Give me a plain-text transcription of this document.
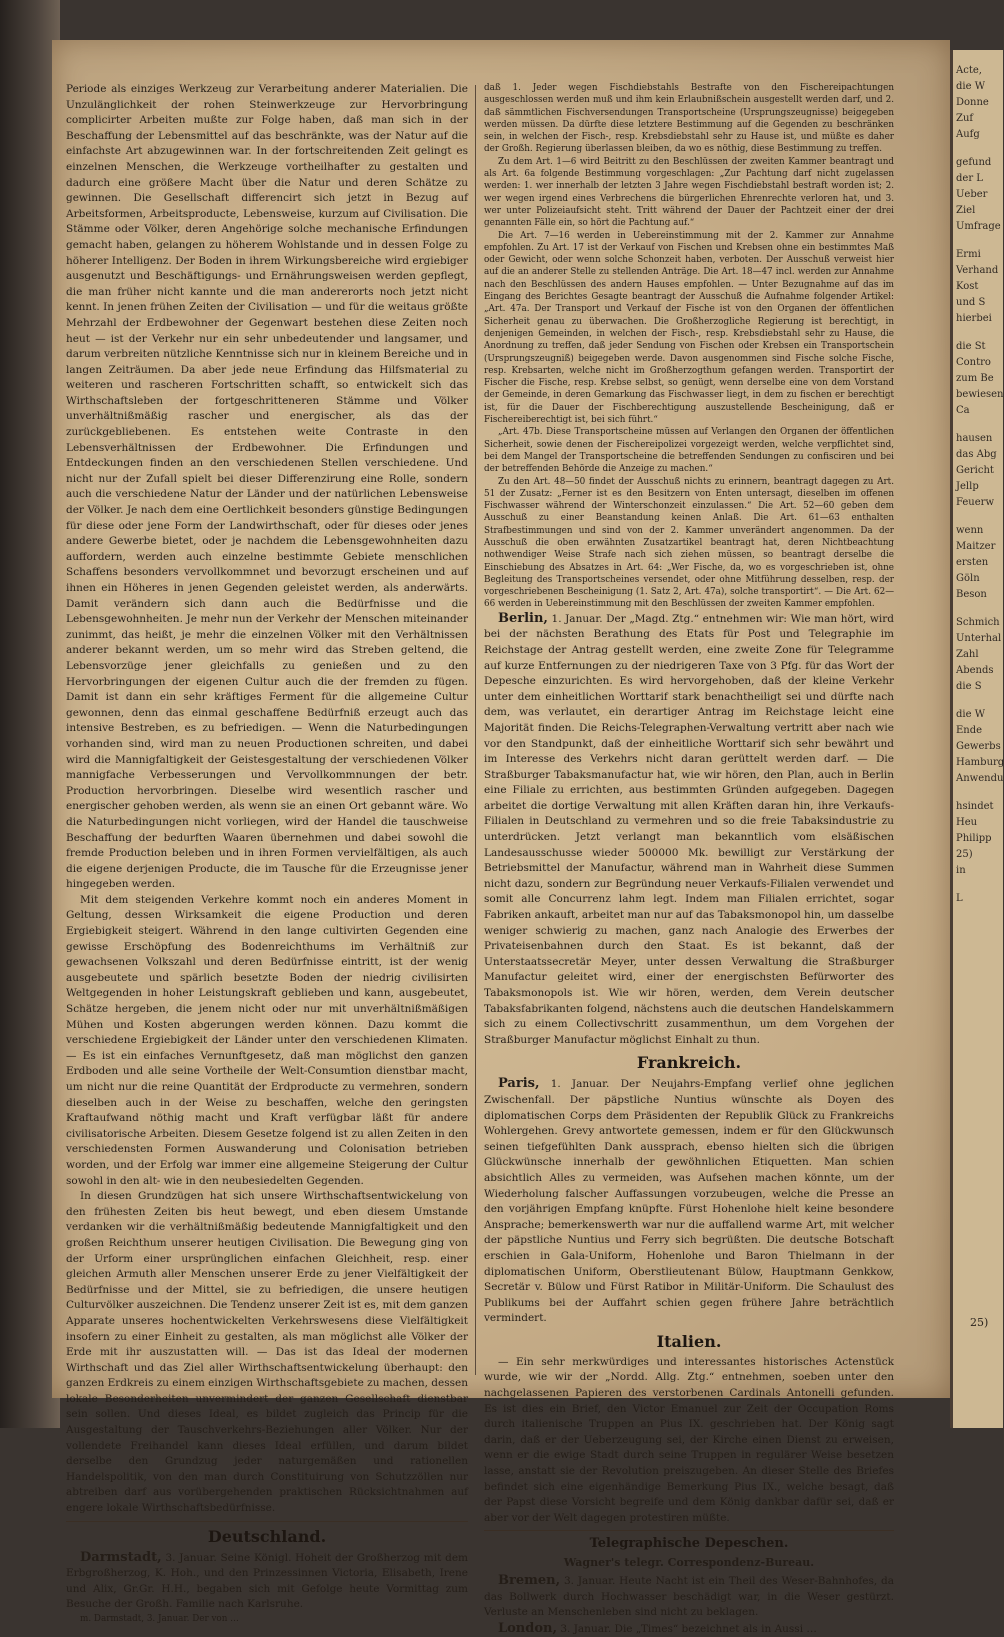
Periode als einziges Werkzeug zur Verarbeitung anderer Materialien. Die Unzulänglichkeit der rohen Steinwerkzeuge zur Hervorbringung complicirter Arbeiten mußte zur Folge haben, daß man sich in der Beschaffung der Lebensmittel auf das beschränkte, was der Natur auf die einfachste Art abzugewinnen war. In der fortschreitenden Zeit gelingt es einzelnen Menschen, die Werkzeuge vortheilhafter zu gestalten und dadurch eine größere Macht über die Natur und deren Schätze zu gewinnen. Die Gesellschaft differencirt sich jetzt in Bezug auf Arbeitsformen, Arbeitsproducte, Lebensweise, kurzum auf Civilisation. Die Stämme oder Völker, deren Angehörige solche mechanische Erfindungen gemacht haben, gelangen zu höherem Wohlstande und in dessen Folge zu höherer Intelligenz. Der Boden in ihrem Wirkungsbereiche wird ergiebiger ausgenutzt und Beschäftigungs- und Ernährungsweisen werden gepflegt, die man früher nicht kannte und die man andererorts noch jetzt nicht kennt. In jenen frühen Zeiten der Civilisation — und für die weitaus größte Mehrzahl der Erdbewohner der Gegenwart bestehen diese Zeiten noch heut — ist der Verkehr nur ein sehr unbedeutender und langsamer, und darum verbreiten nützliche Kenntnisse sich nur in kleinem Bereiche und in langen Zeiträumen. Da aber jede neue Erfindung das Hilfsmaterial zu weiteren und rascheren Fortschritten schafft, so entwickelt sich das Wirthschaftsleben der fortgeschritteneren Stämme und Völker unverhältnißmäßig rascher und energischer, als das der zurückgebliebenen. Es entstehen weite Contraste in den Lebensverhältnissen der Erdbewohner. Die Erfindungen und Entdeckungen finden an den verschiedenen Stellen verschiedene. Und nicht nur der Zufall spielt bei dieser Differenzirung eine Rolle, sondern auch die verschiedene Natur der Länder und der natürlichen Lebensweise der Völker. Je nach dem eine Oertlichkeit besonders günstige Bedingungen für diese oder jene Form der Landwirthschaft, oder für dieses oder jenes andere Gewerbe bietet, oder je nachdem die Lebensgewohnheiten dazu auffordern, werden auch einzelne bestimmte Gebiete menschlichen Schaffens besonders vervollkommnet und bevorzugt erscheinen und auf ihnen ein Höheres in jenen Gegenden geleistet werden, als anderwärts. Damit verändern sich dann auch die Bedürfnisse und die Lebensgewohnheiten. Je mehr nun der Verkehr der Menschen miteinander zunimmt, das heißt, je mehr die einzelnen Völker mit den Verhältnissen anderer bekannt werden, um so mehr wird das Streben geltend, die Lebensvorzüge jener gleichfalls zu genießen und zu den Hervorbringungen der eigenen Cultur auch die der fremden zu fügen. Damit ist dann ein sehr kräftiges Ferment für die allgemeine Cultur gewonnen, denn das einmal geschaffene Bedürfniß erzeugt auch das intensive Bestreben, es zu befriedigen. — Wenn die Naturbedingungen vorhanden sind, wird man zu neuen Productionen schreiten, und dabei wird die Mannigfaltigkeit der Geistesgestaltung der verschiedenen Völker mannigfache Verbesserungen und Vervollkommnungen der betr. Production hervorbringen. Dieselbe wird wesentlich rascher und energischer gehoben werden, als wenn sie an einen Ort gebannt wäre. Wo die Naturbedingungen nicht vorliegen, wird der Handel die tauschweise Beschaffung der bedurften Waaren übernehmen und dabei sowohl die fremde Production beleben und in ihren Formen vervielfältigen, als auch die eigene derjenigen Producte, die im Tausche für die Erzeugnisse jener hingegeben werden.

Mit dem steigenden Verkehre kommt noch ein anderes Moment in Geltung, dessen Wirksamkeit die eigene Production und deren Ergiebigkeit steigert. Während in den lange cultivirten Gegenden eine gewisse Erschöpfung des Bodenreichthums im Verhältniß zur gewachsenen Volkszahl und deren Bedürfnisse eintritt, ist der wenig ausgebeutete und spärlich besetzte Boden der niedrig civilisirten Weltgegenden in hoher Leistungskraft geblieben und kann, ausgebeutet, Schätze hergeben, die jenem nicht oder nur mit unverhältnißmäßigen Mühen und Kosten abgerungen werden können. Dazu kommt die verschiedene Ergiebigkeit der Länder unter den verschiedenen Klimaten. — Es ist ein einfaches Vernunftgesetz, daß man möglichst den ganzen Erdboden und alle seine Vortheile der Welt-Consumtion dienstbar macht, um nicht nur die reine Quantität der Erdproducte zu vermehren, sondern dieselben auch in der Weise zu beschaffen, welche den geringsten Kraftaufwand nöthig macht und Kraft verfügbar läßt für andere civilisatorische Arbeiten. Diesem Gesetze folgend ist zu allen Zeiten in den verschiedensten Formen Auswanderung und Colonisation betrieben worden, und der Erfolg war immer eine allgemeine Steigerung der Cultur sowohl in den alt- wie in den neubesiedelten Gegenden.

In diesen Grundzügen hat sich unsere Wirthschaftsentwickelung von den frühesten Zeiten bis heut bewegt, und eben diesem Umstande verdanken wir die verhältnißmäßig bedeutende Mannigfaltigkeit und den großen Reichthum unserer heutigen Civilisation. Die Bewegung ging von der Urform einer ursprünglichen einfachen Gleichheit, resp. einer gleichen Armuth aller Menschen unserer Erde zu jener Vielfältigkeit der Bedürfnisse und der Mittel, sie zu befriedigen, die unsere heutigen Culturvölker auszeichnen. Die Tendenz unserer Zeit ist es, mit dem ganzen Apparate unseres hochentwickelten Verkehrswesens diese Vielfältigkeit insofern zu einer Einheit zu gestalten, als man möglichst alle Völker der Erde mit ihr auszustatten will. — Das ist das Ideal der modernen Wirthschaft und das Ziel aller Wirthschaftsentwickelung überhaupt: den ganzen Erdkreis zu einem einzigen Wirthschaftsgebiete zu machen, dessen lokale Besonderheiten unvermindert der ganzen Gesellschaft dienstbar sein sollen. Und dieses Ideal, es bildet zugleich das Princip für die Ausgestaltung der Tauschverkehrs-Beziehungen aller Völker. Nur der vollendete Freihandel kann dieses Ideal erfüllen, und darum bildet derselbe den Grundzug jeder naturgemäßen und rationellen Handelspolitik, von den man durch Constituirung von Schutzzöllen nur abtreiben darf aus vorübergehenden praktischen Rücksichtnahmen auf engere lokale Wirthschaftsbedürfnisse.

Deutschland.

Darmstadt, 3. Januar. Seine Königl. Hoheit der Großherzog mit dem Erbgroßherzog, K. Hoh., und den Prinzessinnen Victoria, Elisabeth, Irene und Alix, Gr.Gr. H.H., begaben sich mit Gefolge heute Vormittag zum Besuche der Großh. Familie nach Karlsruhe.

m. Darmstadt, 3. Januar. Der von …

daß 1. Jeder wegen Fischdiebstahls Bestrafte von den Fischereipachtungen ausgeschlossen werden muß und ihm kein Erlaubnißschein ausgestellt werden darf, und 2. daß sämmtlichen Fischversendungen Transportscheine (Ursprungszeugnisse) beigegeben werden müssen. Da dürfte diese letztere Bestimmung auf die Gegenden zu beschränken sein, in welchen der Fisch-, resp. Krebsdiebstahl sehr zu Hause ist, und müßte es daher der Großh. Regierung überlassen bleiben, da wo es nöthig, diese Bestimmung zu treffen.

Zu dem Art. 1—6 wird Beitritt zu den Beschlüssen der zweiten Kammer beantragt und als Art. 6a folgende Bestimmung vorgeschlagen: „Zur Pachtung darf nicht zugelassen werden: 1. wer innerhalb der letzten 3 Jahre wegen Fischdiebstahl bestraft worden ist; 2. wer wegen irgend eines Verbrechens die bürgerlichen Ehrenrechte verloren hat, und 3. wer unter Polizeiaufsicht steht. Tritt während der Dauer der Pachtzeit einer der drei genannten Fälle ein, so hört die Pachtung auf.“

Die Art. 7—16 werden in Uebereinstimmung mit der 2. Kammer zur Annahme empfohlen. Zu Art. 17 ist der Verkauf von Fischen und Krebsen ohne ein bestimmtes Maß oder Gewicht, oder wenn solche Schonzeit haben, verboten. Der Ausschuß verweist hier auf die an anderer Stelle zu stellenden Anträge. Die Art. 18—47 incl. werden zur Annahme nach den Beschlüssen des andern Hauses empfohlen. — Unter Bezugnahme auf das im Eingang des Berichtes Gesagte beantragt der Ausschuß die Aufnahme folgender Artikel: „Art. 47a. Der Transport und Verkauf der Fische ist von den Organen der öffentlichen Sicherheit genau zu überwachen. Die Großherzogliche Regierung ist berechtigt, in denjenigen Gemeinden, in welchen der Fisch-, resp. Krebsdiebstahl sehr zu Hause, die Anordnung zu treffen, daß jeder Sendung von Fischen oder Krebsen ein Transportschein (Ursprungszeugniß) beigegeben werde. Davon ausgenommen sind Fische solche Fische, resp. Krebsarten, welche nicht im Großherzogthum gefangen werden. Transportirt der Fischer die Fische, resp. Krebse selbst, so genügt, wenn derselbe eine von dem Vorstand der Gemeinde, in deren Gemarkung das Fischwasser liegt, in dem zu fischen er berechtigt ist, für die Dauer der Fischberechtigung auszustellende Bescheinigung, daß er Fischereiberechtigt ist, bei sich führt.“

„Art. 47b. Diese Transportscheine müssen auf Verlangen den Organen der öffentlichen Sicherheit, sowie denen der Fischereipolizei vorgezeigt werden, welche verpflichtet sind, bei dem Mangel der Transportscheine die betreffenden Sendungen zu confisciren und bei der betreffenden Behörde die Anzeige zu machen.“

Zu den Art. 48—50 findet der Ausschuß nichts zu erinnern, beantragt dagegen zu Art. 51 der Zusatz: „Ferner ist es den Besitzern von Enten untersagt, dieselben im offenen Fischwasser während der Winterschonzeit einzulassen.“ Die Art. 52—60 geben dem Ausschuß zu einer Beanstandung keinen Anlaß. Die Art. 61—63 enthalten Strafbestimmungen und sind von der 2. Kammer unverändert angenommen. Da der Ausschuß die oben erwähnten Zusatzartikel beantragt hat, deren Nichtbeachtung nothwendiger Weise Strafe nach sich ziehen müssen, so beantragt derselbe die Einschiebung des Absatzes in Art. 64: „Wer Fische, da, wo es vorgeschrieben ist, ohne Begleitung des Transportscheines versendet, oder ohne Mitführung desselben, resp. der vorgeschriebenen Bescheinigung (1. Satz 2, Art. 47a), solche transportirt“. — Die Art. 62—66 werden in Uebereinstimmung mit den Beschlüssen der zweiten Kammer empfohlen.

Berlin, 1. Januar. Der „Magd. Ztg.“ entnehmen wir: Wie man hört, wird bei der nächsten Berathung des Etats für Post und Telegraphie im Reichstage der Antrag gestellt werden, eine zweite Zone für Telegramme auf kurze Entfernungen zu der niedrigeren Taxe von 3 Pfg. für das Wort der Depesche einzurichten. Es wird hervorgehoben, daß der kleine Verkehr unter dem einheitlichen Worttarif stark benachtheiligt sei und dürfte nach dem, was verlautet, ein derartiger Antrag im Reichstage leicht eine Majorität finden. Die Reichs-Telegraphen-Verwaltung vertritt aber nach wie vor den Standpunkt, daß der einheitliche Worttarif sich sehr bewährt und im Interesse des Verkehrs nicht daran gerüttelt werden darf. — Die Straßburger Tabaksmanufactur hat, wie wir hören, den Plan, auch in Berlin eine Filiale zu errichten, aus bestimmten Gründen aufgegeben. Dagegen arbeitet die dortige Verwaltung mit allen Kräften daran hin, ihre Verkaufs-Filialen in Deutschland zu vermehren und so die freie Tabaksindustrie zu unterdrücken. Jetzt verlangt man bekanntlich vom elsäßischen Landesausschusse wieder 500000 Mk. bewilligt zur Verstärkung der Betriebsmittel der Manufactur, während man in Wahrheit diese Summen nicht dazu, sondern zur Begründung neuer Verkaufs-Filialen verwendet und somit alle Concurrenz lahm legt. Indem man Filialen errichtet, sogar Fabriken ankauft, arbeitet man nur auf das Tabaksmonopol hin, um dasselbe weniger schwierig zu machen, ganz nach Analogie des Erwerbes der Privateisenbahnen durch den Staat. Es ist bekannt, daß der Unterstaatssecretär Meyer, unter dessen Verwaltung die Straßburger Manufactur geleitet wird, einer der energischsten Befürworter des Tabaksmonopols ist. Wie wir hören, werden, dem Verein deutscher Tabaksfabrikanten folgend, nächstens auch die deutschen Handelskammern sich zu einem Collectivschritt zusammenthun, um dem Vorgehen der Straßburger Manufactur möglichst Einhalt zu thun.

Frankreich.

Paris, 1. Januar. Der Neujahrs-Empfang verlief ohne jeglichen Zwischenfall. Der päpstliche Nuntius wünschte als Doyen des diplomatischen Corps dem Präsidenten der Republik Glück zu Frankreichs Wohlergehen. Grevy antwortete gemessen, indem er für den Glückwunsch seinen tiefgefühlten Dank aussprach, ebenso hielten sich die übrigen Glückwünsche innerhalb der gewöhnlichen Etiquetten. Man schien absichtlich Alles zu vermeiden, was Aufsehen machen könnte, um der Wiederholung falscher Auffassungen vorzubeugen, welche die Presse an den vorjährigen Empfang knüpfte. Fürst Hohenlohe hielt keine besondere Ansprache; bemerkenswerth war nur die auffallend warme Art, mit welcher der päpstliche Nuntius und Ferry sich begrüßten. Die deutsche Botschaft erschien in Gala-Uniform, Hohenlohe und Baron Thielmann in der diplomatischen Uniform, Oberstlieutenant Bülow, Hauptmann Genkkow, Secretär v. Bülow und Fürst Ratibor in Militär-Uniform. Die Schaulust des Publikums bei der Auffahrt schien gegen frühere Jahre beträchtlich vermindert.

Italien.

— Ein sehr merkwürdiges und interessantes historisches Actenstück wurde, wie wir der „Nordd. Allg. Ztg.“ entnehmen, soeben unter den nachgelassenen Papieren des verstorbenen Cardinals Antonelli gefunden. Es ist dies ein Brief, den Victor Emanuel zur Zeit der Occupation Roms durch italienische Truppen an Pius IX. geschrieben hat. Der König sagt darin, daß er der Ueberzeugung sei, der Kirche einen Dienst zu erweisen, wenn er die ewige Stadt durch seine Truppen in regulärer Weise besetzen lasse, anstatt sie der Revolution preiszugeben. An dieser Stelle des Briefes befindet sich eine eigenhändige Bemerkung Pius IX., welche besagt, daß der Papst diese Vorsicht begreife und dem König dankbar dafür sei, daß er aber vor der Welt dagegen protestiren müßte.

Telegraphische Depeschen.
Wagner's telegr. Correspondenz-Bureau.

Bremen, 3. Januar. Heute Nacht ist ein Theil des Weser-Bahnhofes, da das Bollwerk durch Hochwasser beschädigt war, in die Weser gestürzt. Verluste an Menschenleben sind nicht zu beklagen.

London, 3. Januar. Die „Times“ bezeichnet als in Aussi …

Acte,
die W
Donne
Zuf
Aufg
gefund
der L
Ueber
Ziel
Umfrage
Ermi
Verhand
Kost
und S
hierbei
die St
Contro
zum Be
bewiesen
Ca
hausen
das Abg
Gericht
Jellp
Feuerw
wenn
Maitzer
ersten
Göln
Beson
Schmich
Unterhal
Zahl
Abends
die S
die W
Ende
Gewerbs
Hamburg
Anwendu
hsindet
Heu
Philipp
25)
in
L
25)
